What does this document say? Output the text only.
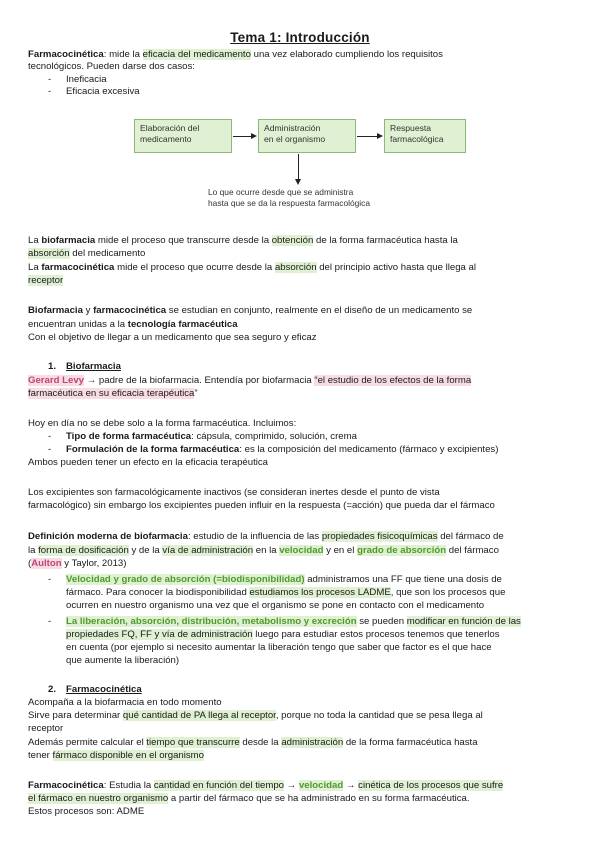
Tema 1: Introducción
Farmacocinética: mide la eficacia del medicamento una vez elaborado cumpliendo los requisitos
tecnológicos. Pueden darse dos casos:
- Ineficacia
- Eficacia excesiva
Elaboración del
medicamento
Administración
en el organismo
Respuesta
farmacológica
Lo que ocurre desde que se administra
hasta que se da la respuesta farmacológica
La biofarmacia mide el proceso que transcurre desde la obtención de la forma farmacéutica hasta la
absorción del medicamento
La farmacocinética mide el proceso que ocurre desde la absorción del principio activo hasta que llega al
receptor
Biofarmacia y farmacocinética se estudian en conjunto, realmente en el diseño de un medicamento se
encuentran unidas a la tecnología farmacéutica
Con el objetivo de llegar a un medicamento que sea seguro y eficaz
1. Biofarmacia
Gerard Levy → padre de la biofarmacia. Entendía por biofarmacia “el estudio de los efectos de la forma
farmacéutica en su eficacia terapéutica”
Hoy en día no se debe solo a la forma farmacéutica. Incluimos:
- Tipo de forma farmacéutica: cápsula, comprimido, solución, crema
- Formulación de la forma farmacéutica: es la composición del medicamento (fármaco y excipientes)
Ambos pueden tener un efecto en la eficacia terapéutica
Los excipientes son farmacológicamente inactivos (se consideran inertes desde el punto de vista
farmacológico) sin embargo los excipientes pueden influir en la respuesta (=acción) que pueda dar el fármaco
Definición moderna de biofarmacia: estudio de la influencia de las propiedades fisicoquímicas del fármaco de
la forma de dosificación y de la vía de administración en la velocidad y en el grado de absorción del fármaco
(Aulton y Taylor, 2013)
- Velocidad y grado de absorción (=biodisponibilidad) administramos una FF que tiene una dosis de
fármaco. Para conocer la biodisponibilidad estudiamos los procesos LADME, que son los procesos que
ocurren en nuestro organismo una vez que el organismo se pone en contacto con el medicamento
- La liberación, absorción, distribución, metabolismo y excreción se pueden modificar en función de las
propiedades FQ, FF y vía de administración luego para estudiar estos procesos tenemos que tenerlos
en cuenta (por ejemplo si necesito aumentar la liberación tengo que saber que factor es el que hace
que aumente la liberación)
2. Farmacocinética
Acompaña a la biofarmacia en todo momento
Sirve para determinar qué cantidad de PA llega al receptor, porque no toda la cantidad que se pesa llega al
receptor
Además permite calcular el tiempo que transcurre desde la administración de la forma farmacéutica hasta
tener fármaco disponible en el organismo
Farmacocinética: Estudia la cantidad en función del tiempo → velocidad → cinética de los procesos que sufre
el fármaco en nuestro organismo a partir del fármaco que se ha administrado en su forma farmacéutica.
Estos procesos son: ADME
